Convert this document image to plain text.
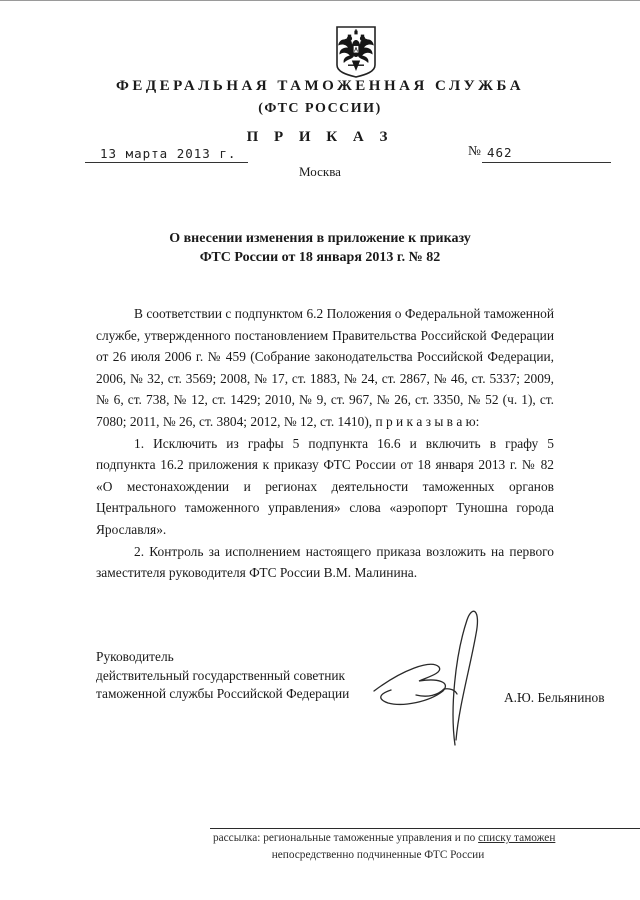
ФЕДЕРАЛЬНАЯ ТАМОЖЕННАЯ СЛУЖБА
(ФТС РОССИИ)
П Р И К А З
13 марта 2013 г.	№ 462
Москва
О внесении изменения в приложение к приказу
ФТС России от 18 января 2013 г. № 82

В соответствии с подпунктом 6.2 Положения о Федеральной таможенной службе, утвержденного постановлением Правительства Российской Федерации от 26 июля 2006 г. № 459 (Собрание законодательства Российской Федерации, 2006, № 32, ст. 3569; 2008, № 17, ст. 1883, № 24, ст. 2867, № 46, ст. 5337; 2009, № 6, ст. 738, № 12, ст. 1429; 2010, № 9, ст. 967, № 26, ст. 3350, № 52 (ч. 1), ст. 7080; 2011, № 26, ст. 3804; 2012, № 12, ст. 1410), п р и к а з ы в а ю:

1. Исключить из графы 5 подпункта 16.6 и включить в графу 5 подпункта 16.2 приложения к приказу ФТС России от 18 января 2013 г. № 82 «О местонахождении и регионах деятельности таможенных органов Центрального таможенного управления» слова «аэропорт Туношна города Ярославля».

2. Контроль за исполнением настоящего приказа возложить на первого заместителя руководителя ФТС России В.М. Малинина.

Руководитель
действительный государственный советник
таможенной службы Российской Федерации	А.Ю. Бельянинов
рассылка: региональные таможенные управления и по списку таможен
непосредственно подчиненные ФТС России
